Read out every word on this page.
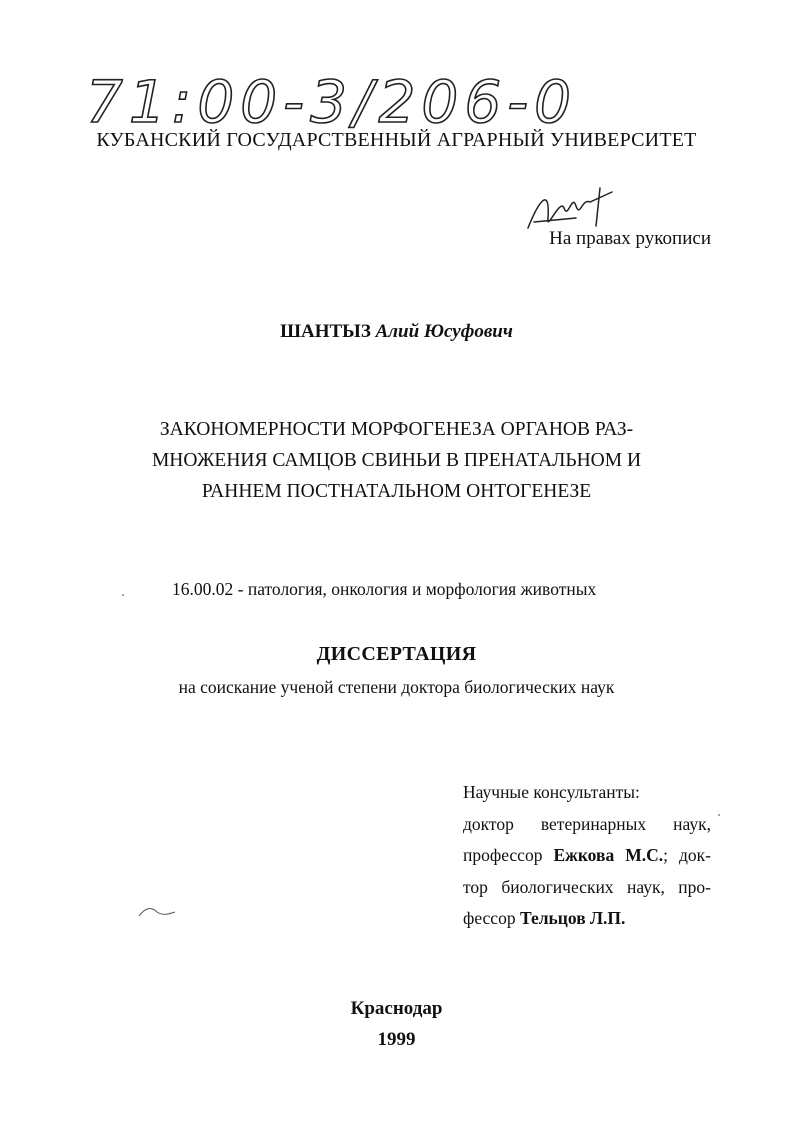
71:00-3/206-0
КУБАНСКИЙ ГОСУДАРСТВЕННЫЙ АГРАРНЫЙ УНИВЕРСИТЕТ
На правах рукописи
ШАНТЫЗ Алий Юсуфович
ЗАКОНОМЕРНОСТИ МОРФОГЕНЕЗА ОРГАНОВ РАЗ-
МНОЖЕНИЯ САМЦОВ СВИНЬИ В ПРЕНАТАЛЬНОМ И
РАННЕМ ПОСТНАТАЛЬНОМ ОНТОГЕНЕЗЕ
16.00.02 - патология, онкология и морфология животных
ДИССЕРТАЦИЯ
на соискание ученой степени доктора биологических наук
Научные консультанты:
доктор ветеринарных наук,
профессор Ежкова М.С.; док-
тор биологических наук, про-
фессор Тельцов Л.П.
Краснодар
1999
